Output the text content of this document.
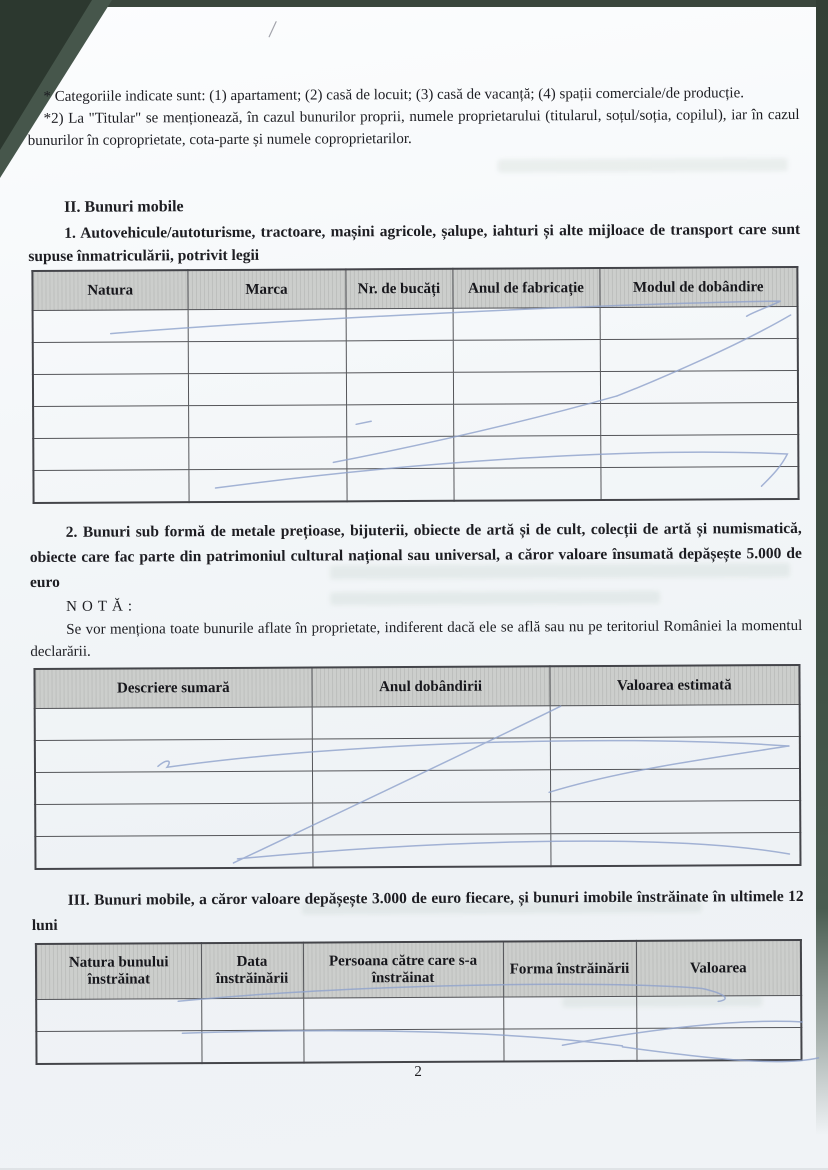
* Categoriile indicate sunt: (1) apartament; (2) casă de locuit; (3) casă de vacanță; (4) spații comerciale/de producție.
*2) La "Titular" se menționează, în cazul bunurilor proprii, numele proprietarului (titularul, soțul/soția, copilul), iar în cazul bunurilor în coproprietate, cota-parte și numele coproprietarilor.
II. Bunuri mobile
1. Autovehicule/autoturisme, tractoare, mașini agricole, șalupe, iahturi și alte mijloace de transport care sunt supuse înmatriculării, potrivit legii
Natura	Marca	Nr. de bucăți	Anul de fabricație	Modul de dobândire

2. Bunuri sub formă de metale prețioase, bijuterii, obiecte de artă și de cult, colecții de artă și numismatică, obiecte care fac parte din patrimoniul cultural național sau universal, a căror valoare însumată depășește 5.000 de euro
NOTĂ:
Se vor menționa toate bunurile aflate în proprietate, indiferent dacă ele se află sau nu pe teritoriul României la momentul declarării.
Descriere sumară	Anul dobândirii	Valoarea estimată

III. Bunuri mobile, a căror valoare depășește 3.000 de euro fiecare, și bunuri imobile înstrăinate în ultimele 12 luni
Natura bunului înstrăinat	Data înstrăinării	Persoana către care s-a înstrăinat	Forma înstrăinării	Valoarea

2
